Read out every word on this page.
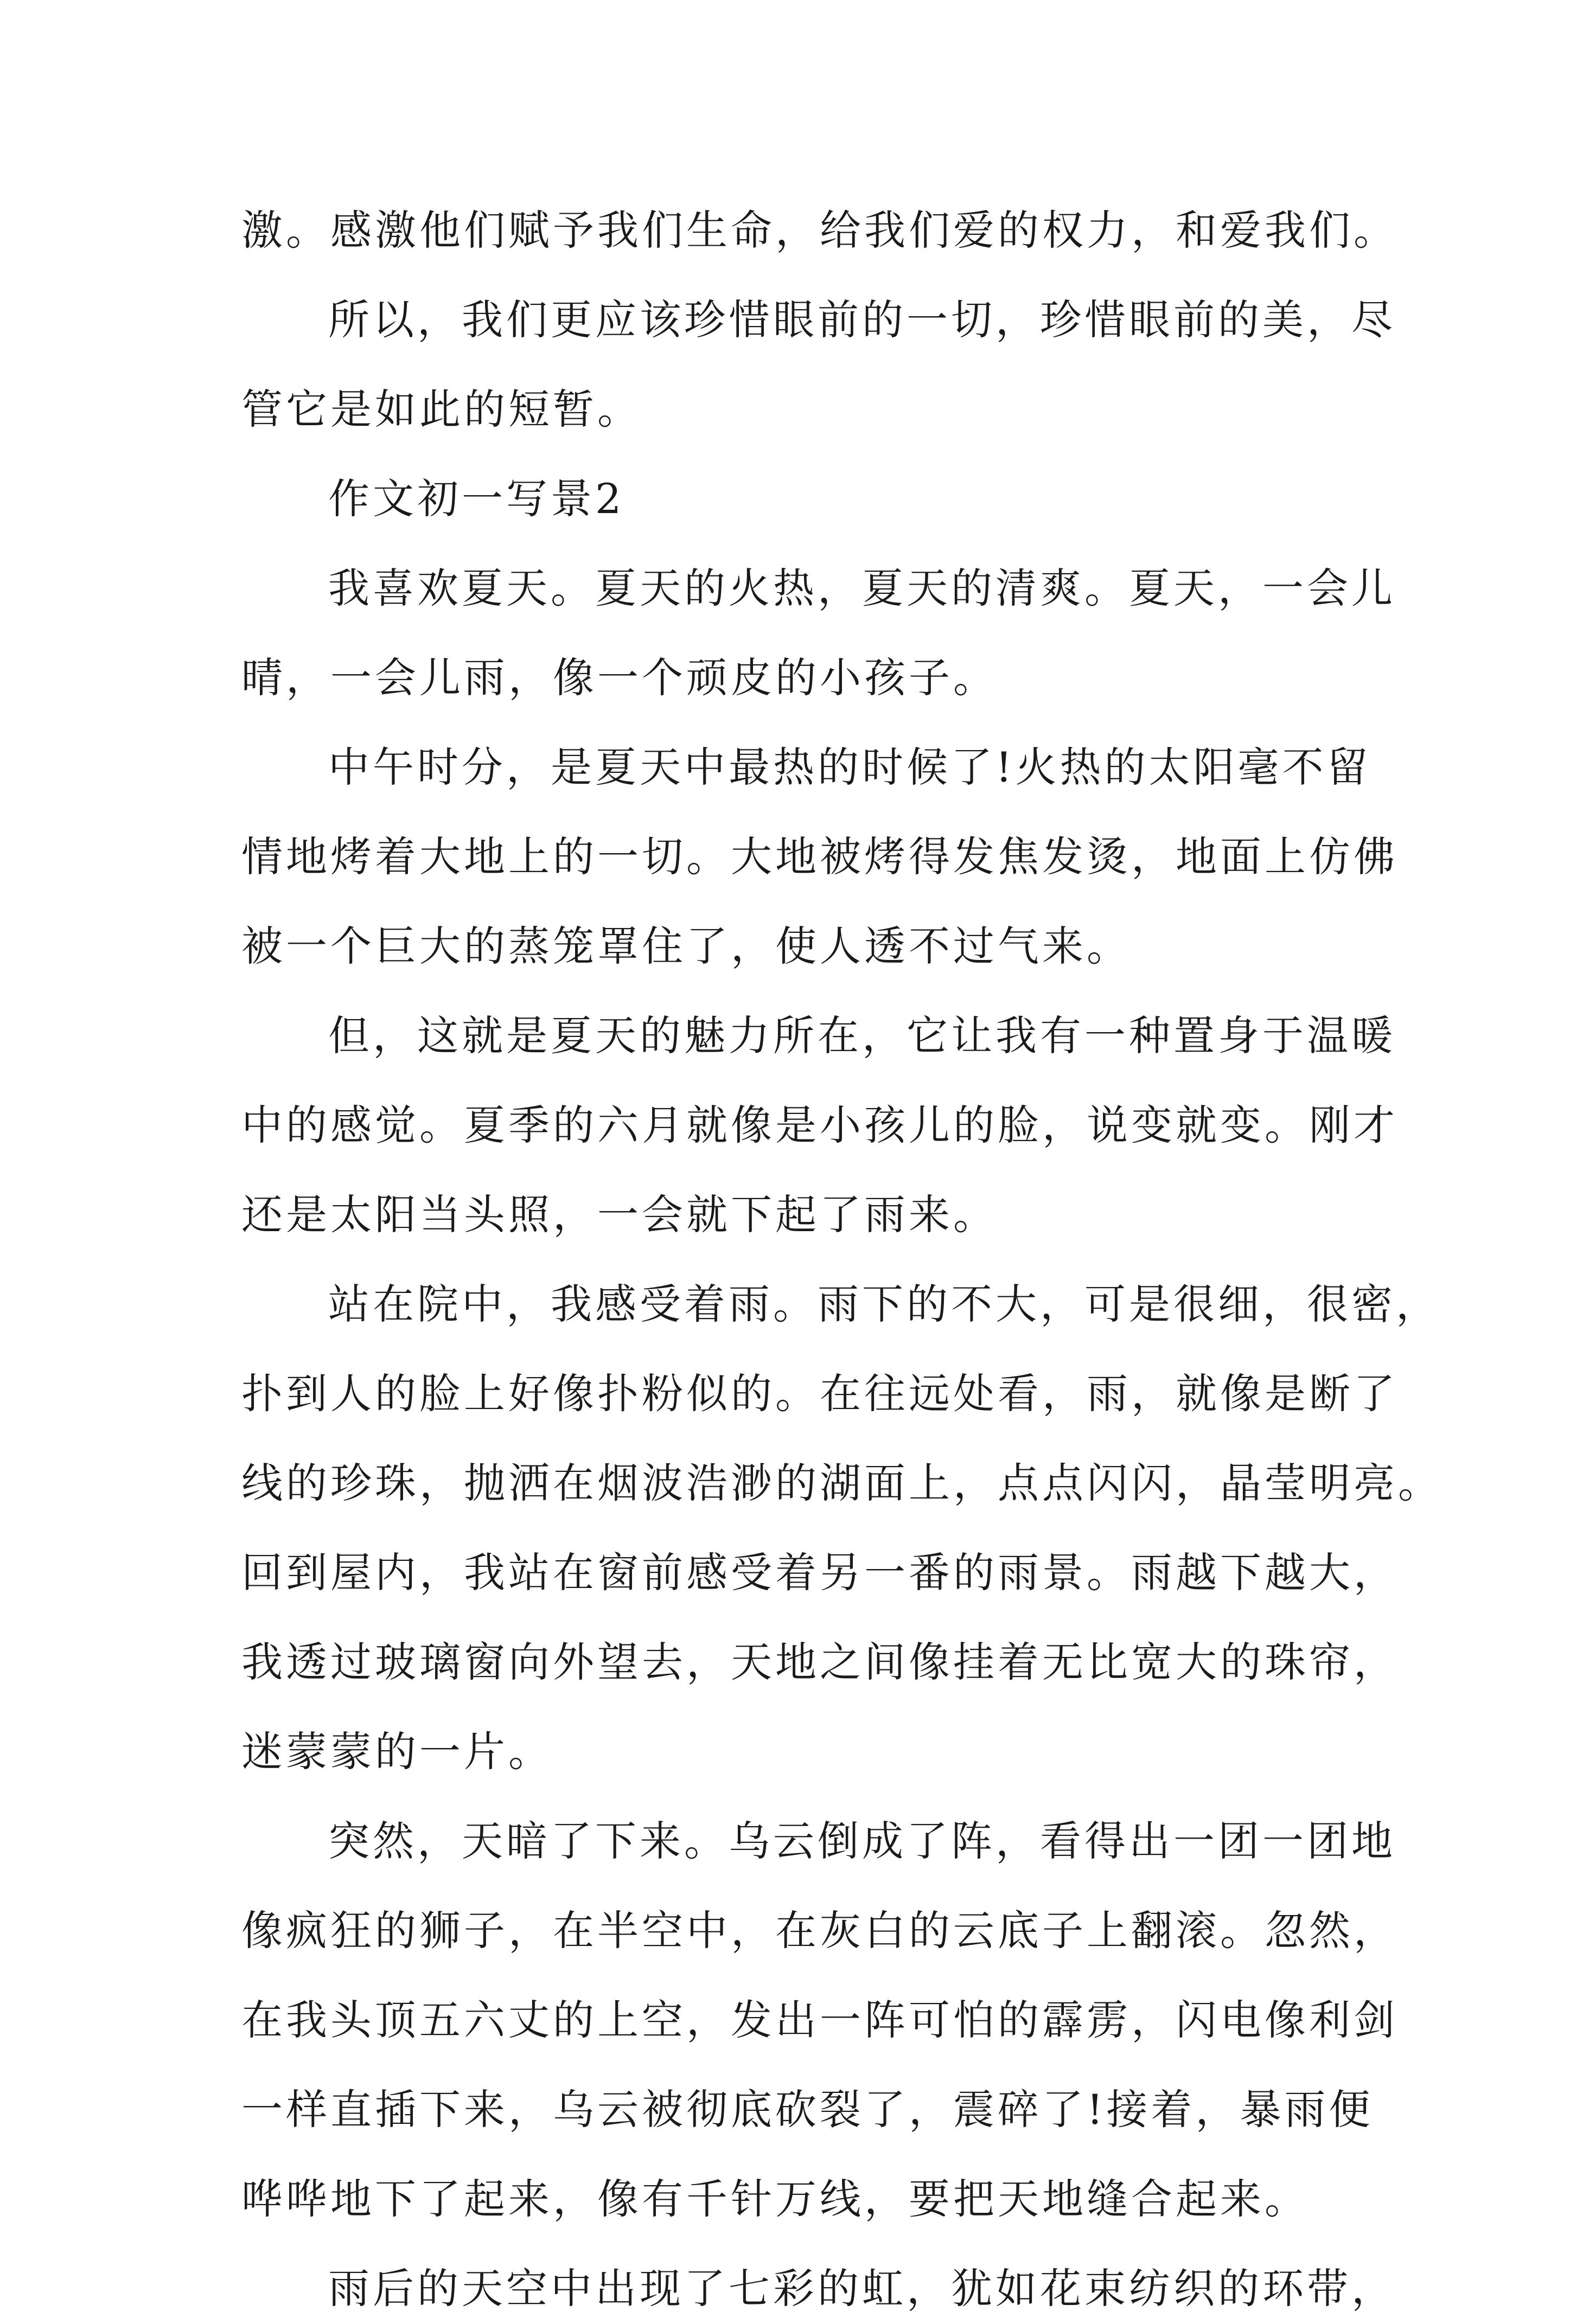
激。感激他们赋予我们生命，给我们爱的权力，和爱我们。
所以，我们更应该珍惜眼前的一切，珍惜眼前的美，尽
管它是如此的短暂。
作文初一写景2
我喜欢夏天。夏天的火热，夏天的清爽。夏天，一会儿
晴，一会儿雨，像一个顽皮的小孩子。
中午时分，是夏天中最热的时候了!火热的太阳毫不留
情地烤着大地上的一切。大地被烤得发焦发烫，地面上仿佛
被一个巨大的蒸笼罩住了，使人透不过气来。
但，这就是夏天的魅力所在，它让我有一种置身于温暖
中的感觉。夏季的六月就像是小孩儿的脸，说变就变。刚才
还是太阳当头照，一会就下起了雨来。
站在院中，我感受着雨。雨下的不大，可是很细，很密，
扑到人的脸上好像扑粉似的。在往远处看，雨，就像是断了
线的珍珠，抛洒在烟波浩渺的湖面上，点点闪闪，晶莹明亮。
回到屋内，我站在窗前感受着另一番的雨景。雨越下越大，
我透过玻璃窗向外望去，天地之间像挂着无比宽大的珠帘，
迷蒙蒙的一片。
突然，天暗了下来。乌云倒成了阵，看得出一团一团地
像疯狂的狮子，在半空中，在灰白的云底子上翻滚。忽然，
在我头顶五六丈的上空，发出一阵可怕的霹雳，闪电像利剑
一样直插下来，乌云被彻底砍裂了，震碎了!接着，暴雨便
哗哗地下了起来，像有千针万线，要把天地缝合起来。
雨后的天空中出现了七彩的虹，犹如花束纺织的环带，
